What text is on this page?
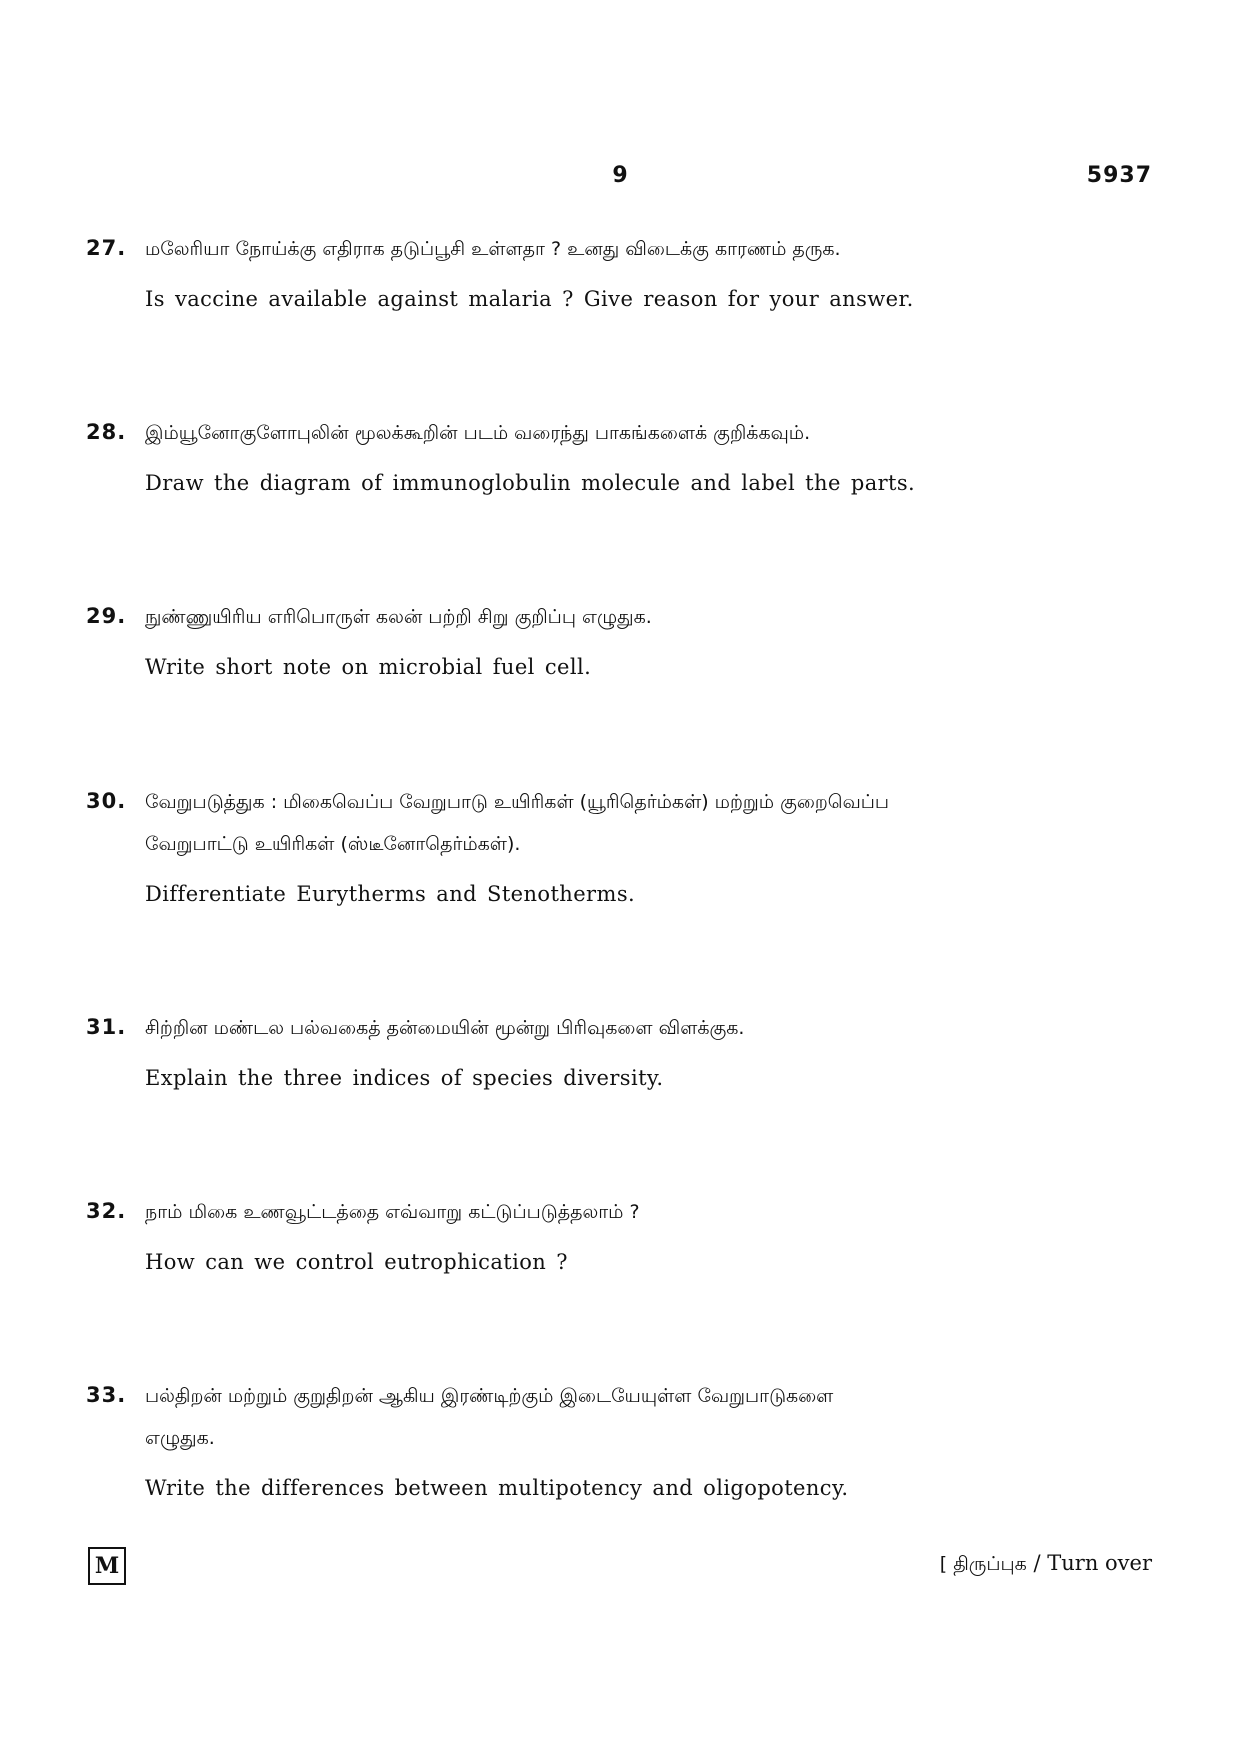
9	5937
27. மலேரியா நோய்க்கு எதிராக தடுப்பூசி உள்ளதா ? உனது விடைக்கு காரணம் தருக.
Is vaccine available against malaria ? Give reason for your answer.
28. இம்யூனோகுளோபுலின் மூலக்கூறின் படம் வரைந்து பாகங்களைக் குறிக்கவும்.
Draw the diagram of immunoglobulin molecule and label the parts.
29. நுண்ணுயிரிய எரிபொருள் கலன் பற்றி சிறு குறிப்பு எழுதுக.
Write short note on microbial fuel cell.
30. வேறுபடுத்துக : மிகைவெப்ப வேறுபாடு உயிரிகள் (யூரிதெர்ம்கள்) மற்றும் குறைவெப்ப
வேறுபாட்டு உயிரிகள் (ஸ்டீனோதெர்ம்கள்).
Differentiate Eurytherms and Stenotherms.
31. சிற்றின மண்டல பல்வகைத் தன்மையின் மூன்று பிரிவுகளை விளக்குக.
Explain the three indices of species diversity.
32. நாம் மிகை உணவூட்டத்தை எவ்வாறு கட்டுப்படுத்தலாம் ?
How can we control eutrophication ?
33. பல்திறன் மற்றும் குறுதிறன் ஆகிய இரண்டிற்கும் இடையேயுள்ள வேறுபாடுகளை
எழுதுக.
Write the differences between multipotency and oligopotency.
M	[ திருப்புக / Turn over
